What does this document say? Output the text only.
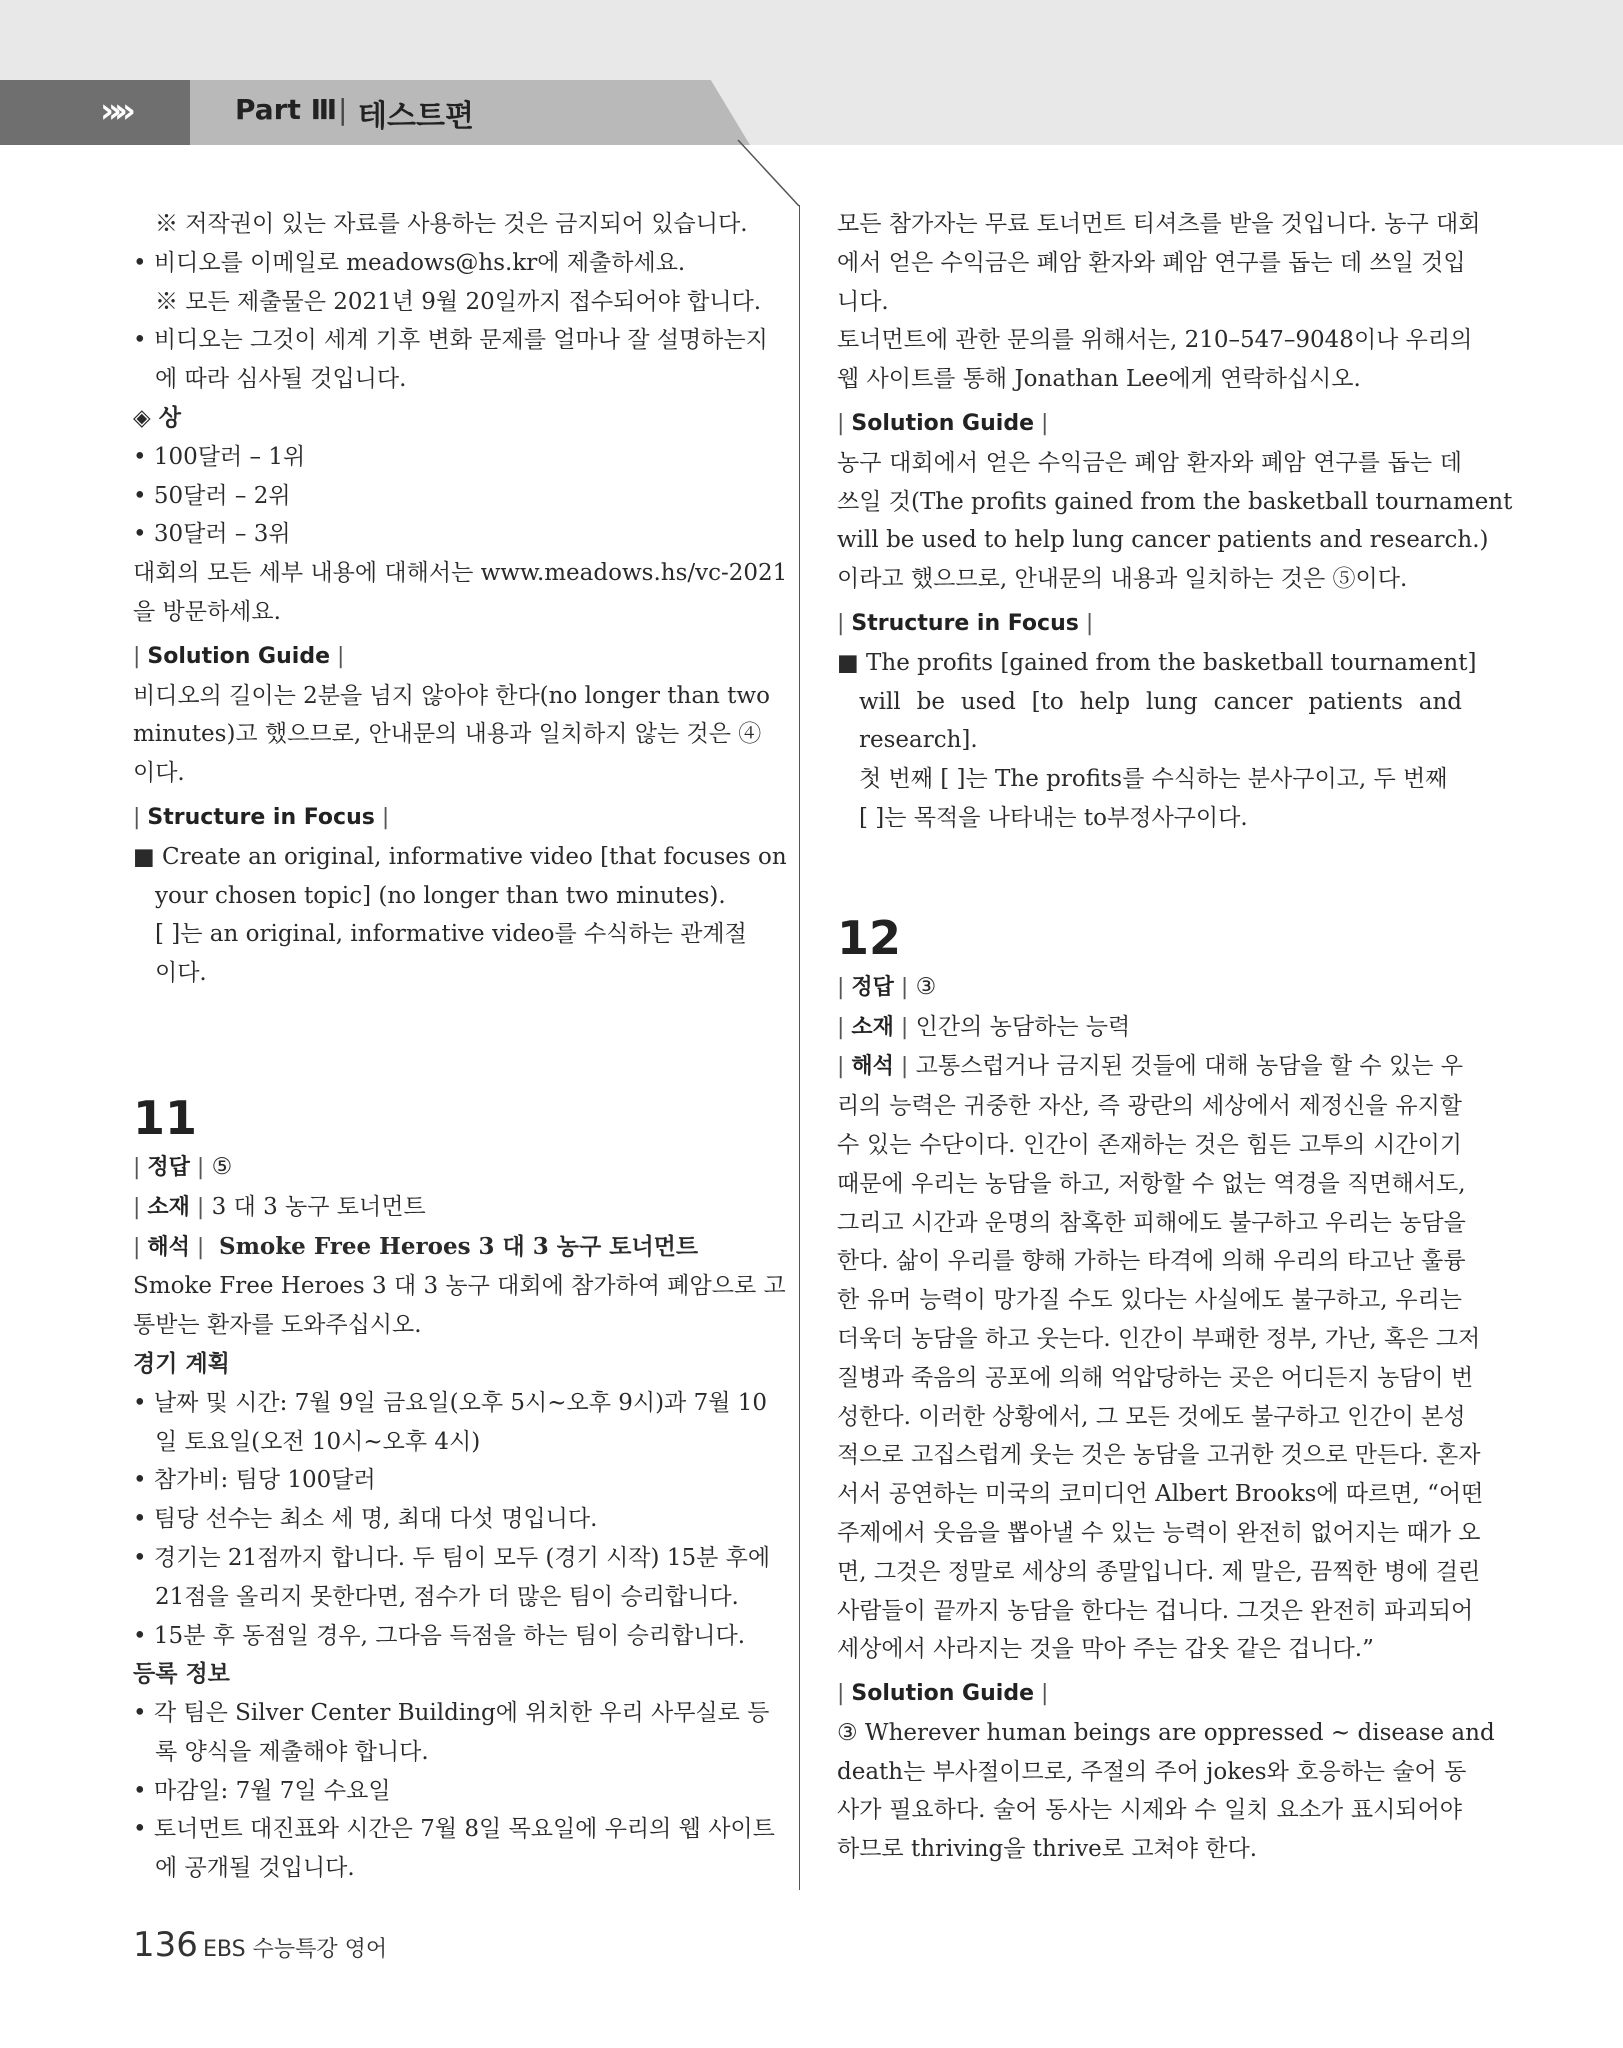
»»	Part Ⅲ | 테스트편
※ 저작권이 있는 자료를 사용하는 것은 금지되어 있습니다.
• 비디오를 이메일로 meadows@hs.kr에 제출하세요.
※ 모든 제출물은 2021년 9월 20일까지 접수되어야 합니다.
• 비디오는 그것이 세계 기후 변화 문제를 얼마나 잘 설명하는지
에 따라 심사될 것입니다.
◈ 상
• 100달러 – 1위
• 50달러 – 2위
• 30달러 – 3위
대회의 모든 세부 내용에 대해서는 www.meadows.hs/vc-2021
을 방문하세요.
| Solution Guide |
비디오의 길이는 2분을 넘지 않아야 한다(no longer than two
minutes)고 했으므로, 안내문의 내용과 일치하지 않는 것은 ④
이다.
| Structure in Focus |
■ Create an original, informative video [that focuses on
your chosen topic] (no longer than two minutes).
[ ]는 an original, informative video를 수식하는 관계절
이다.
11
| 정답 | ⑤
| 소재 | 3 대 3 농구 토너먼트
| 해석 | Smoke Free Heroes 3 대 3 농구 토너먼트
Smoke Free Heroes 3 대 3 농구 대회에 참가하여 폐암으로 고
통받는 환자를 도와주십시오.
경기 계획
• 날짜 및 시간: 7월 9일 금요일(오후 5시~오후 9시)과 7월 10
일 토요일(오전 10시~오후 4시)
• 참가비: 팀당 100달러
• 팀당 선수는 최소 세 명, 최대 다섯 명입니다.
• 경기는 21점까지 합니다. 두 팀이 모두 (경기 시작) 15분 후에
21점을 올리지 못한다면, 점수가 더 많은 팀이 승리합니다.
• 15분 후 동점일 경우, 그다음 득점을 하는 팀이 승리합니다.
등록 정보
• 각 팀은 Silver Center Building에 위치한 우리 사무실로 등
록 양식을 제출해야 합니다.
• 마감일: 7월 7일 수요일
• 토너먼트 대진표와 시간은 7월 8일 목요일에 우리의 웹 사이트
에 공개될 것입니다.
모든 참가자는 무료 토너먼트 티셔츠를 받을 것입니다. 농구 대회
에서 얻은 수익금은 폐암 환자와 폐암 연구를 돕는 데 쓰일 것입
니다.
토너먼트에 관한 문의를 위해서는, 210–547–9048이나 우리의
웹 사이트를 통해 Jonathan Lee에게 연락하십시오.
| Solution Guide |
농구 대회에서 얻은 수익금은 폐암 환자와 폐암 연구를 돕는 데
쓰일 것(The profits gained from the basketball tournament
will be used to help lung cancer patients and research.)
이라고 했으므로, 안내문의 내용과 일치하는 것은 ⑤이다.
| Structure in Focus |
■ The profits [gained from the basketball tournament]
will be used [to help lung cancer patients and
research].
첫 번째 [ ]는 The profits를 수식하는 분사구이고, 두 번째
[ ]는 목적을 나타내는 to부정사구이다.
12
| 정답 | ③
| 소재 | 인간의 농담하는 능력
| 해석 | 고통스럽거나 금지된 것들에 대해 농담을 할 수 있는 우
리의 능력은 귀중한 자산, 즉 광란의 세상에서 제정신을 유지할
수 있는 수단이다. 인간이 존재하는 것은 힘든 고투의 시간이기
때문에 우리는 농담을 하고, 저항할 수 없는 역경을 직면해서도,
그리고 시간과 운명의 참혹한 피해에도 불구하고 우리는 농담을
한다. 삶이 우리를 향해 가하는 타격에 의해 우리의 타고난 훌륭
한 유머 능력이 망가질 수도 있다는 사실에도 불구하고, 우리는
더욱더 농담을 하고 웃는다. 인간이 부패한 정부, 가난, 혹은 그저
질병과 죽음의 공포에 의해 억압당하는 곳은 어디든지 농담이 번
성한다. 이러한 상황에서, 그 모든 것에도 불구하고 인간이 본성
적으로 고집스럽게 웃는 것은 농담을 고귀한 것으로 만든다. 혼자
서서 공연하는 미국의 코미디언 Albert Brooks에 따르면, “어떤
주제에서 웃음을 뽑아낼 수 있는 능력이 완전히 없어지는 때가 오
면, 그것은 정말로 세상의 종말입니다. 제 말은, 끔찍한 병에 걸린
사람들이 끝까지 농담을 한다는 겁니다. 그것은 완전히 파괴되어
세상에서 사라지는 것을 막아 주는 갑옷 같은 겁니다.”
| Solution Guide |
③ Wherever human beings are oppressed ~ disease and
death는 부사절이므로, 주절의 주어 jokes와 호응하는 술어 동
사가 필요하다. 술어 동사는 시제와 수 일치 요소가 표시되어야
하므로 thriving을 thrive로 고쳐야 한다.
136 EBS 수능특강 영어
